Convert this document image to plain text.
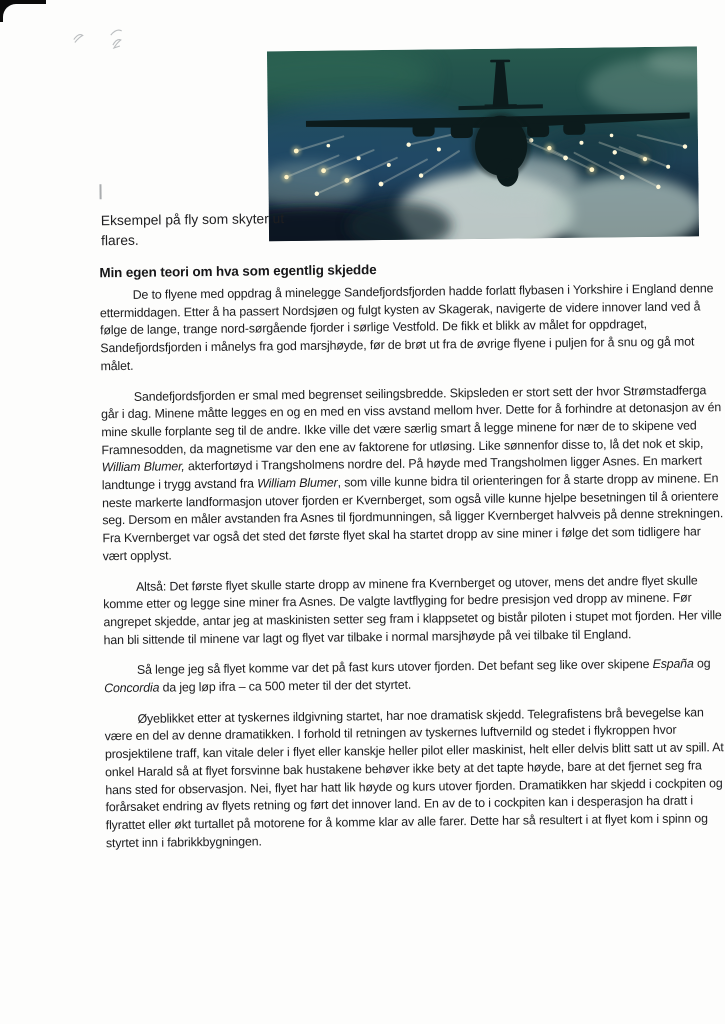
Eksempel på fly som skyter ut flares.

Min egen teori om hva som egentlig skjedde

De to flyene med oppdrag å minelegge Sandefjordsfjorden hadde forlatt flybasen i Yorkshire i England denne ettermiddagen. Etter å ha passert Nordsjøen og fulgt kysten av Skagerak, navigerte de videre innover land ved å følge de lange, trange nord-sørgående fjorder i sørlige Vestfold. De fikk et blikk av målet for oppdraget, Sandefjordsfjorden i månelys fra god marsjhøyde, før de brøt ut fra de øvrige flyene i puljen for å snu og gå mot målet.

Sandefjordsfjorden er smal med begrenset seilingsbredde. Skipsleden er stort sett der hvor Strømstadferga går i dag. Minene måtte legges en og en med en viss avstand mellom hver. Dette for å forhindre at detonasjon av én mine skulle forplante seg til de andre. Ikke ville det være særlig smart å legge minene for nær de to skipene ved Framnesodden, da magnetisme var den ene av faktorene for utløsing. Like sønnenfor disse to, lå det nok et skip, William Blumer, akterfortøyd i Trangsholmens nordre del. På høyde med Trangsholmen ligger Asnes. En markert landtunge i trygg avstand fra William Blumer, som ville kunne bidra til orienteringen for å starte dropp av minene. En neste markerte landformasjon utover fjorden er Kvernberget, som også ville kunne hjelpe besetningen til å orientere seg. Dersom en måler avstanden fra Asnes til fjordmunningen, så ligger Kvernberget halvveis på denne strekningen. Fra Kvernberget var også det sted det første flyet skal ha startet dropp av sine miner i følge det som tidligere har vært opplyst.

Altså: Det første flyet skulle starte dropp av minene fra Kvernberget og utover, mens det andre flyet skulle komme etter og legge sine miner fra Asnes. De valgte lavtflyging for bedre presisjon ved dropp av minene. Før angrepet skjedde, antar jeg at maskinisten setter seg fram i klappsetet og bistår piloten i stupet mot fjorden. Her ville han bli sittende til minene var lagt og flyet var tilbake i normal marsjhøyde på vei tilbake til England.

Så lenge jeg så flyet komme var det på fast kurs utover fjorden. Det befant seg like over skipene España og Concordia da jeg løp ifra – ca 500 meter til der det styrtet.

Øyeblikket etter at tyskernes ildgivning startet, har noe dramatisk skjedd. Telegrafistens brå bevegelse kan være en del av denne dramatikken. I forhold til retningen av tyskernes luftvernild og stedet i flykroppen hvor prosjektilene traff, kan vitale deler i flyet eller kanskje heller pilot eller maskinist, helt eller delvis blitt satt ut av spill. At onkel Harald så at flyet forsvinne bak hustakene behøver ikke bety at det tapte høyde, bare at det fjernet seg fra hans sted for observasjon. Nei, flyet har hatt lik høyde og kurs utover fjorden. Dramatikken har skjedd i cockpiten og forårsaket endring av flyets retning og ført det innover land. En av de to i cockpiten kan i desperasjon ha dratt i flyrattet eller økt turtallet på motorene for å komme klar av alle farer. Dette har så resultert i at flyet kom i spinn og styrtet inn i fabrikkbygningen.
